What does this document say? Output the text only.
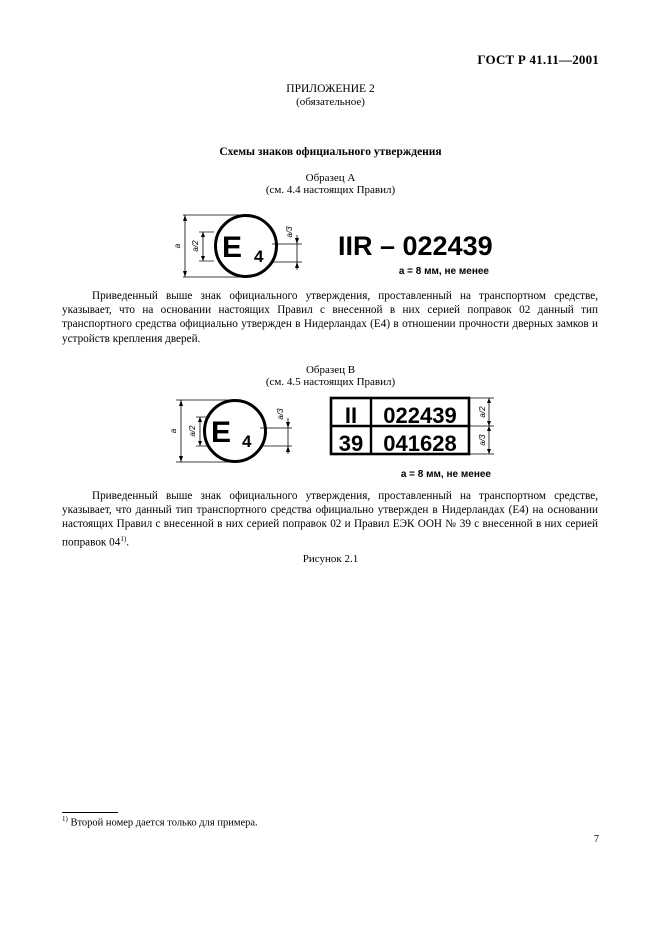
ГОСТ Р 41.11—2001
ПРИЛОЖЕНИЕ 2
(обязательное)
Схемы знаков официального утверждения
Образец А
(см. 4.4 настоящих Правил)
E 4
a a/2
a/3 IIR – 022439
a = 8 мм, не менее
Приведенный выше знак официального утверждения, проставленный на транспортном средстве, указывает, что на основании настоящих Правил с внесенной в них серией поправок 02 данный тип транспортного средства официально утвержден в Нидерландах (E4) в отношении прочности дверных замков и устройств крепления дверей.
Образец В
(см. 4.5 настоящих Правил)
E 4
a a/2
a/3	II 022439
39 041628
a/2
a/3
a = 8 мм, не менее
Приведенный выше знак официального утверждения, проставленный на транспортном средстве, указывает, что данный тип транспортного средства официально утвержден в Нидерландах (E4) на основании настоящих Правил с внесенной в них серией поправок 02 и Правил ЕЭК ООН № 39 с внесенной в них серией поправок 04$^{1)}$.
Рисунок 2.1
$^{1)}$ Второй номер дается только для примера.
7
